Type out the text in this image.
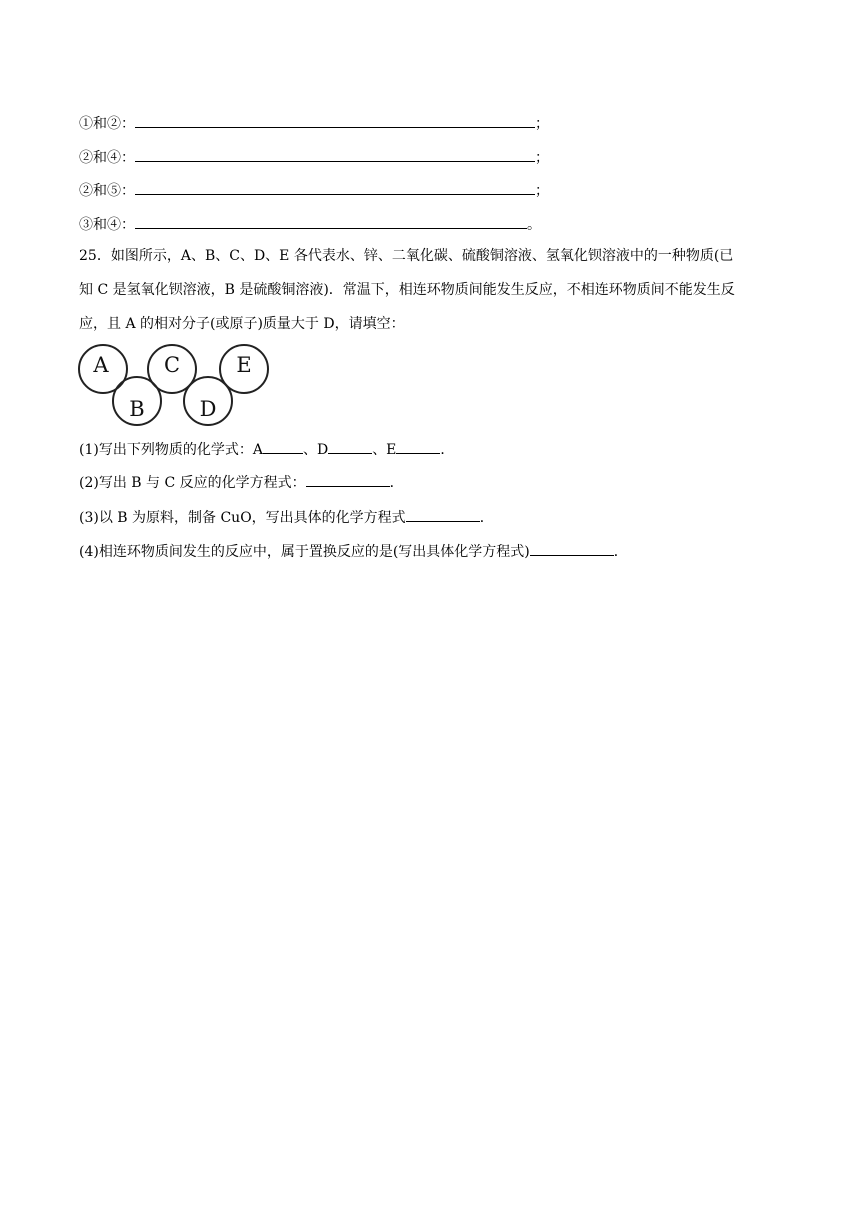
①和②：	；
②和④：	；
②和⑤：	；
③和④：	。
25．如图所示，A、B、C、D、E 各代表水、锌、二氧化碳、硫酸铜溶液、氢氧化钡溶液中的一种物质(已
知 C 是氢氧化钡溶液，B 是硫酸铜溶液)．常温下，相连环物质间能发生反应，不相连环物质间不能发生反
应，且 A 的相对分子(或原子)质量大于 D，请填空：
A	C	E
B	D
(1)写出下列物质的化学式：A	、D	、E	．
(2)写出 B 与 C 反应的化学方程式：	．
(3)以 B 为原料，制备 CuO，写出具体的化学方程式	．
(4)相连环物质间发生的反应中，属于置换反应的是(写出具体化学方程式)	．
